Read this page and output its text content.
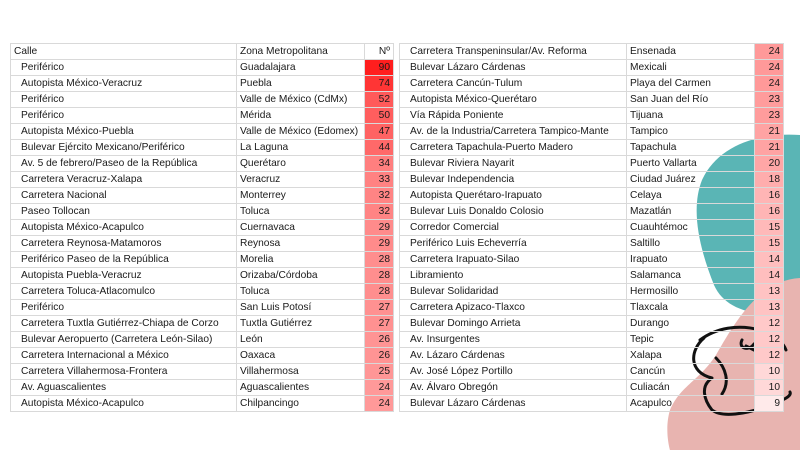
Calle	Zona Metropolitana	Nº
Periférico	Guadalajara	90
Autopista México-Veracruz	Puebla	74
Periférico	Valle de México (CdMx)	52
Periférico	Mérida	50
Autopista México-Puebla	Valle de México (Edomex)	47
Bulevar Ejército Mexicano/Periférico	La Laguna	44
Av. 5 de febrero/Paseo de la República	Querétaro	34
Carretera Veracruz-Xalapa	Veracruz	33
Carretera Nacional	Monterrey	32
Paseo Tollocan	Toluca	32
Autopista México-Acapulco	Cuernavaca	29
Carretera Reynosa-Matamoros	Reynosa	29
Periférico Paseo de la República	Morelia	28
Autopista Puebla-Veracruz	Orizaba/Córdoba	28
Carretera Toluca-Atlacomulco	Toluca	28
Periférico	San Luis Potosí	27
Carretera Tuxtla Gutiérrez-Chiapa de Corzo	Tuxtla Gutiérrez	27
Bulevar Aeropuerto (Carretera León-Silao)	León	26
Carretera Internacional a México	Oaxaca	26
Carretera Villahermosa-Frontera	Villahermosa	25
Av. Aguascalientes	Aguascalientes	24
Autopista México-Acapulco	Chilpancingo	24
Carretera Transpeninsular/Av. Reforma	Ensenada	24
Bulevar Lázaro Cárdenas	Mexicali	24
Carretera Cancún-Tulum	Playa del Carmen	24
Autopista México-Querétaro	San Juan del Río	23
Vía Rápida Poniente	Tijuana	23
Av. de la Industria/Carretera Tampico-Mante	Tampico	21
Carretera Tapachula-Puerto Madero	Tapachula	21
Bulevar Riviera Nayarit	Puerto Vallarta	20
Bulevar Independencia	Ciudad Juárez	18
Autopista Querétaro-Irapuato	Celaya	16
Bulevar Luis Donaldo Colosio	Mazatlán	16
Corredor Comercial	Cuauhtémoc	15
Periférico Luis Echeverría	Saltillo	15
Carretera Irapuato-Silao	Irapuato	14
Libramiento	Salamanca	14
Bulevar Solidaridad	Hermosillo	13
Carretera Apizaco-Tlaxco	Tlaxcala	13
Bulevar Domingo Arrieta	Durango	12
Av. Insurgentes	Tepic	12
Av. Lázaro Cárdenas	Xalapa	12
Av. José López Portillo	Cancún	10
Av. Álvaro Obregón	Culiacán	10
Bulevar Lázaro Cárdenas	Acapulco	9
